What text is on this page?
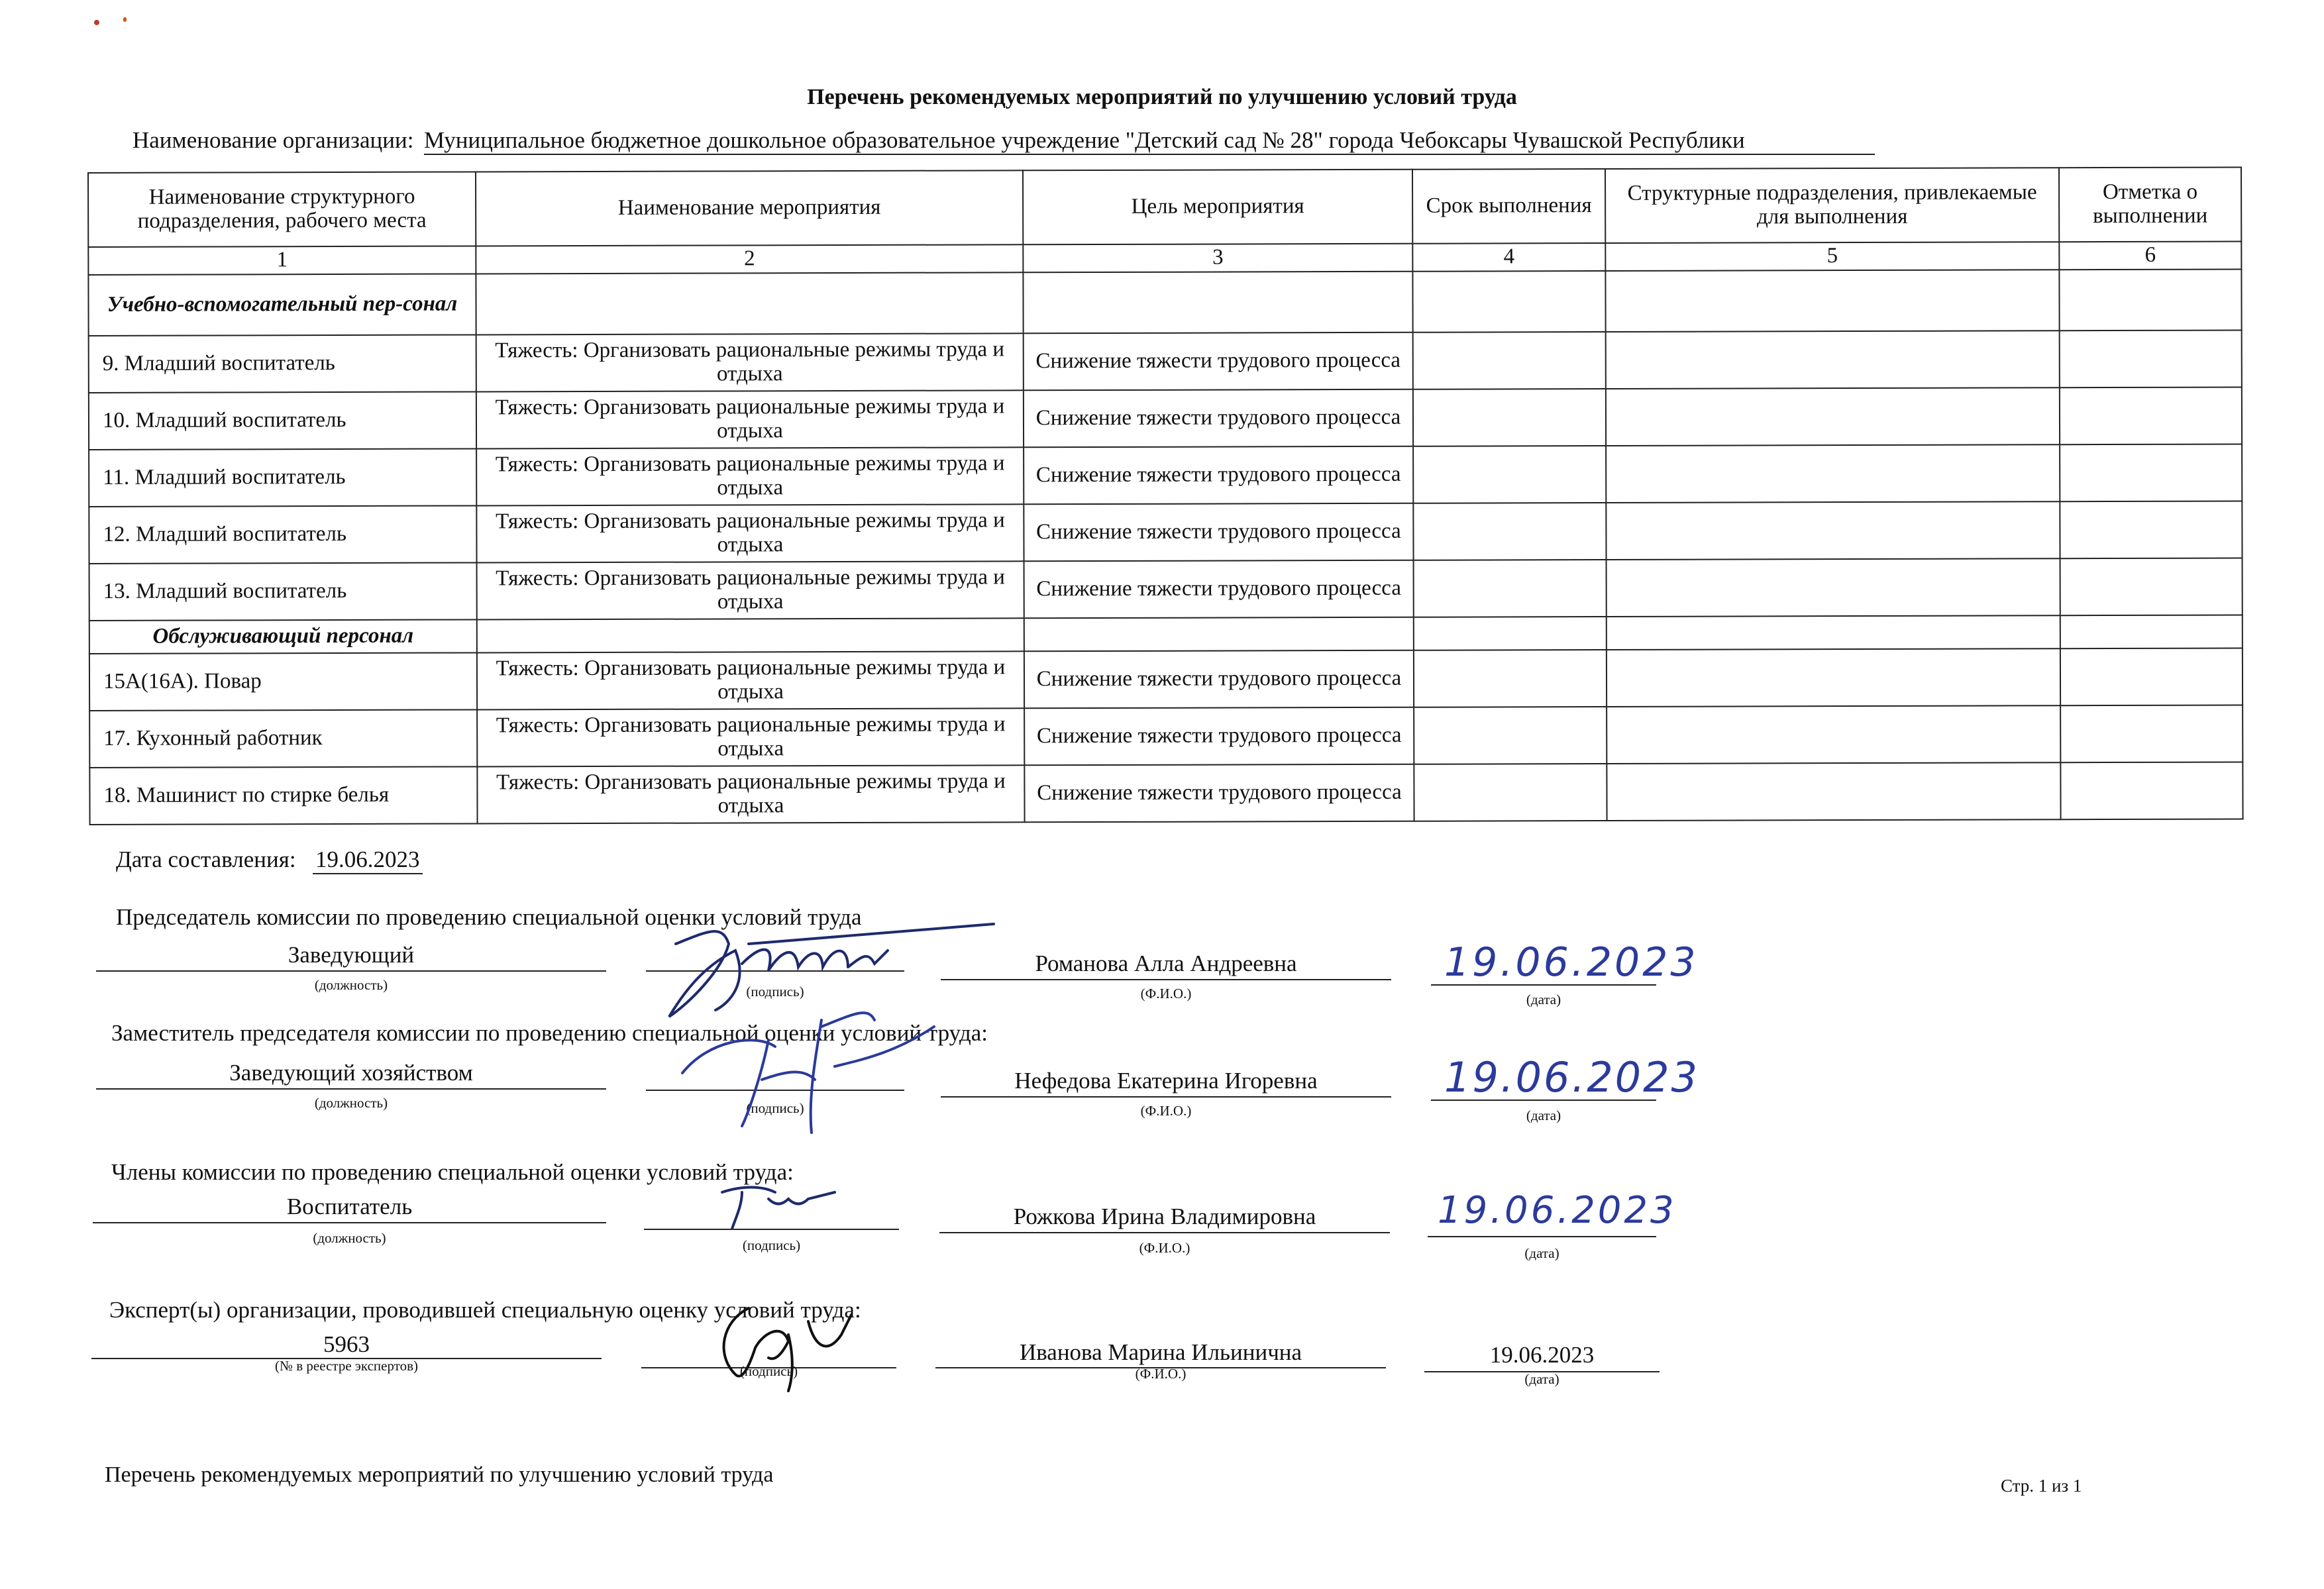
Перечень рекомендуемых мероприятий по улучшению условий труда
Наименование организации: Муниципальное бюджетное дошкольное образовательное учреждение "Детский сад № 28" города Чебоксары Чувашской Республики
Наименование структурного подразделения, рабочего места	Наименование мероприятия	Цель мероприятия	Срок выполнения	Структурные подразделения, привлекаемые для выполнения	Отметка о выполнении
1	2	3	4	5	6
Учебно-вспомогательный пер-сонал					
9. Младший воспитатель	Тяжесть: Организовать рациональные режимы труда и отдыха	Снижение тяжести трудового процесса			
10. Младший воспитатель	Тяжесть: Организовать рациональные режимы труда и отдыха	Снижение тяжести трудового процесса			
11. Младший воспитатель	Тяжесть: Организовать рациональные режимы труда и отдыха	Снижение тяжести трудового процесса			
12. Младший воспитатель	Тяжесть: Организовать рациональные режимы труда и отдыха	Снижение тяжести трудового процесса			
13. Младший воспитатель	Тяжесть: Организовать рациональные режимы труда и отдыха	Снижение тяжести трудового процесса			
Обслуживающий персонал					
15А(16А). Повар	Тяжесть: Организовать рациональные режимы труда и отдыха	Снижение тяжести трудового процесса			
17. Кухонный работник	Тяжесть: Организовать рациональные режимы труда и отдыха	Снижение тяжести трудового процесса			
18. Машинист по стирке белья	Тяжесть: Организовать рациональные режимы труда и отдыха	Снижение тяжести трудового процесса			
Дата составления: 19.06.2023
Председатель комиссии по проведению специальной оценки условий труда
Заведующий
(должность)	(подпись)
Романова Алла Андреевна
(Ф.И.О.)	(дата)
19.06.2023
Заместитель председателя комиссии по проведению специальной оценки условий труда:
Заведующий хозяйством
(должность)	(подпись)
Нефедова Екатерина Игоревна
(Ф.И.О.)	(дата)
19.06.2023
Члены комиссии по проведению специальной оценки условий труда:
Воспитатель
(должность)	(подпись)
Рожкова Ирина Владимировна
(Ф.И.О.)	(дата)
19.06.2023
Эксперт(ы) организации, проводившей специальную оценку условий труда:
5963
(№ в реестре экспертов)	(подпись)
Иванова Марина Ильинична
(Ф.И.О.)
19.06.2023
(дата)
Перечень рекомендуемых мероприятий по улучшению условий труда	Стр. 1 из 1
